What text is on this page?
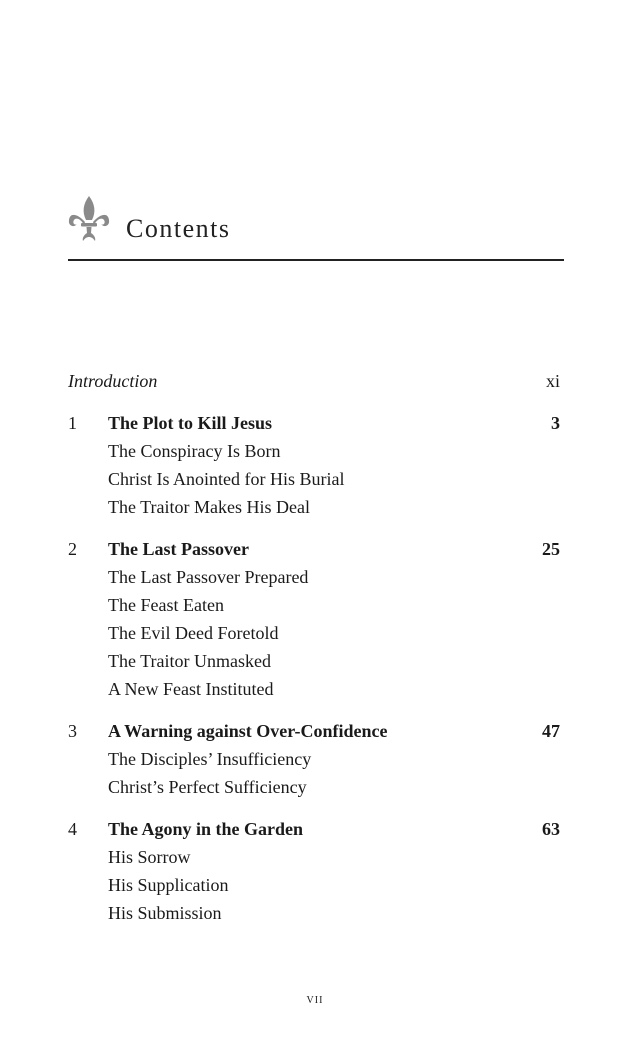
Contents
Introduction	xi
1	The Plot to Kill Jesus	3
The Conspiracy Is Born
Christ Is Anointed for His Burial
The Traitor Makes His Deal
2	The Last Passover	25
The Last Passover Prepared
The Feast Eaten
The Evil Deed Foretold
The Traitor Unmasked
A New Feast Instituted
3	A Warning against Over-Confidence	47
The Disciples’ Insufficiency
Christ’s Perfect Sufficiency
4	The Agony in the Garden	63
His Sorrow
His Supplication
His Submission
vii
